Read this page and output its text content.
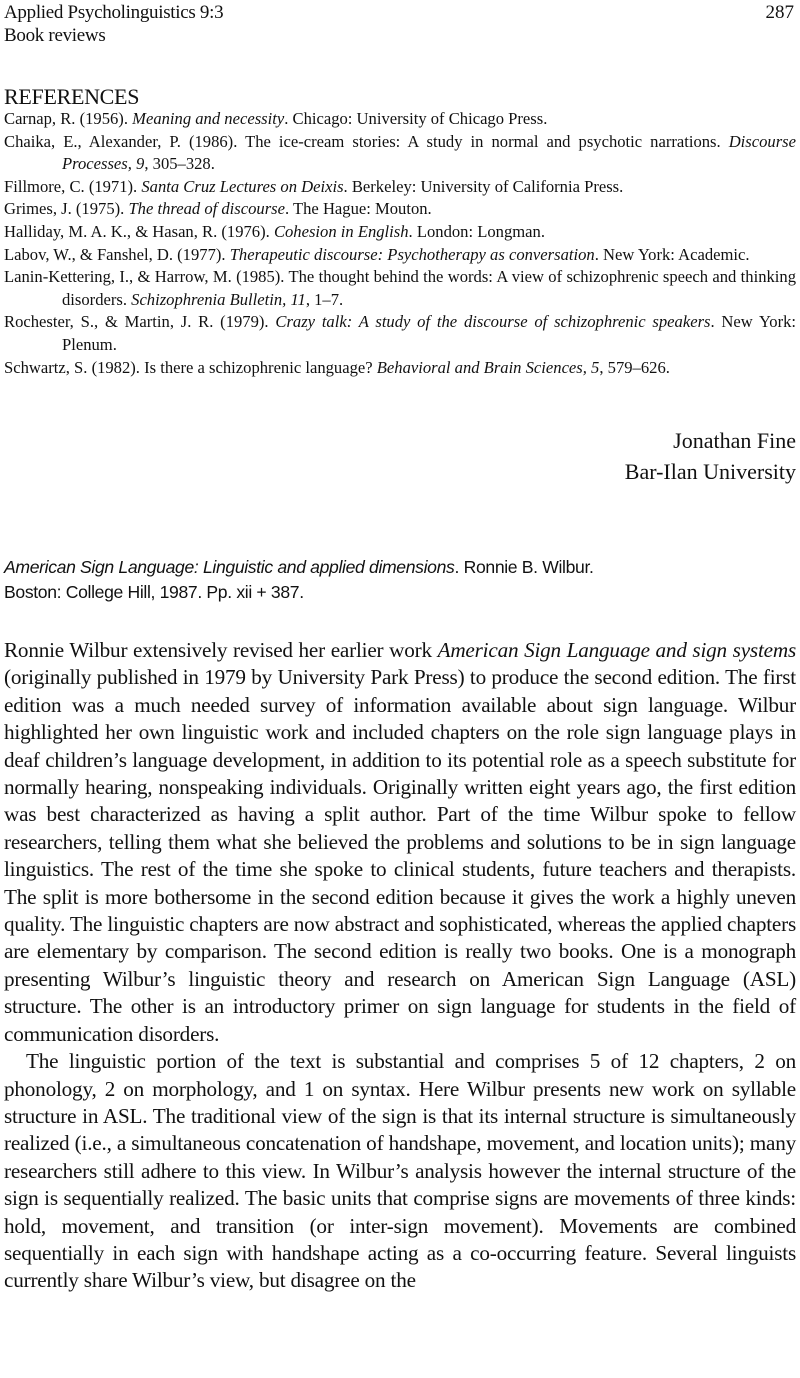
Applied Psycholinguistics 9:3
Book reviews
287
REFERENCES
Carnap, R. (1956). Meaning and necessity. Chicago: University of Chicago Press.
Chaika, E., Alexander, P. (1986). The ice-cream stories: A study in normal and psychotic narrations. Discourse Processes, 9, 305–328.
Fillmore, C. (1971). Santa Cruz Lectures on Deixis. Berkeley: University of California Press.
Grimes, J. (1975). The thread of discourse. The Hague: Mouton.
Halliday, M. A. K., & Hasan, R. (1976). Cohesion in English. London: Longman.
Labov, W., & Fanshel, D. (1977). Therapeutic discourse: Psychotherapy as conversation. New York: Academic.
Lanin-Kettering, I., & Harrow, M. (1985). The thought behind the words: A view of schizophrenic speech and thinking disorders. Schizophrenia Bulletin, 11, 1–7.
Rochester, S., & Martin, J. R. (1979). Crazy talk: A study of the discourse of schizophrenic speakers. New York: Plenum.
Schwartz, S. (1982). Is there a schizophrenic language? Behavioral and Brain Sciences, 5, 579–626.
Jonathan Fine
Bar-Ilan University
American Sign Language: Linguistic and applied dimensions. Ronnie B. Wilbur.
Boston: College Hill, 1987. Pp. xii + 387.

Ronnie Wilbur extensively revised her earlier work American Sign Language and sign systems (originally published in 1979 by University Park Press) to produce the second edition. The first edition was a much needed survey of information available about sign language. Wilbur highlighted her own linguistic work and included chapters on the role sign language plays in deaf children’s language development, in addition to its potential role as a speech substitute for normally hearing, nonspeaking individuals. Originally written eight years ago, the first edition was best characterized as having a split author. Part of the time Wilbur spoke to fellow researchers, telling them what she believed the problems and solutions to be in sign language linguistics. The rest of the time she spoke to clinical students, future teachers and therapists. The split is more bothersome in the second edition because it gives the work a highly uneven quality. The linguistic chapters are now abstract and sophisticated, whereas the applied chapters are elementary by comparison. The second edition is really two books. One is a monograph presenting Wilbur’s linguistic theory and research on American Sign Language (ASL) structure. The other is an introductory primer on sign language for students in the field of communication disorders.

The linguistic portion of the text is substantial and comprises 5 of 12 chapters, 2 on phonology, 2 on morphology, and 1 on syntax. Here Wilbur presents new work on syllable structure in ASL. The traditional view of the sign is that its internal structure is simultaneously realized (i.e., a simultaneous concatenation of handshape, movement, and location units); many researchers still adhere to this view. In Wilbur’s analysis however the internal structure of the sign is sequentially realized. The basic units that comprise signs are movements of three kinds: hold, movement, and transition (or inter-sign movement). Movements are combined sequentially in each sign with handshape acting as a co-occurring feature. Several linguists currently share Wilbur’s view, but disagree on the
